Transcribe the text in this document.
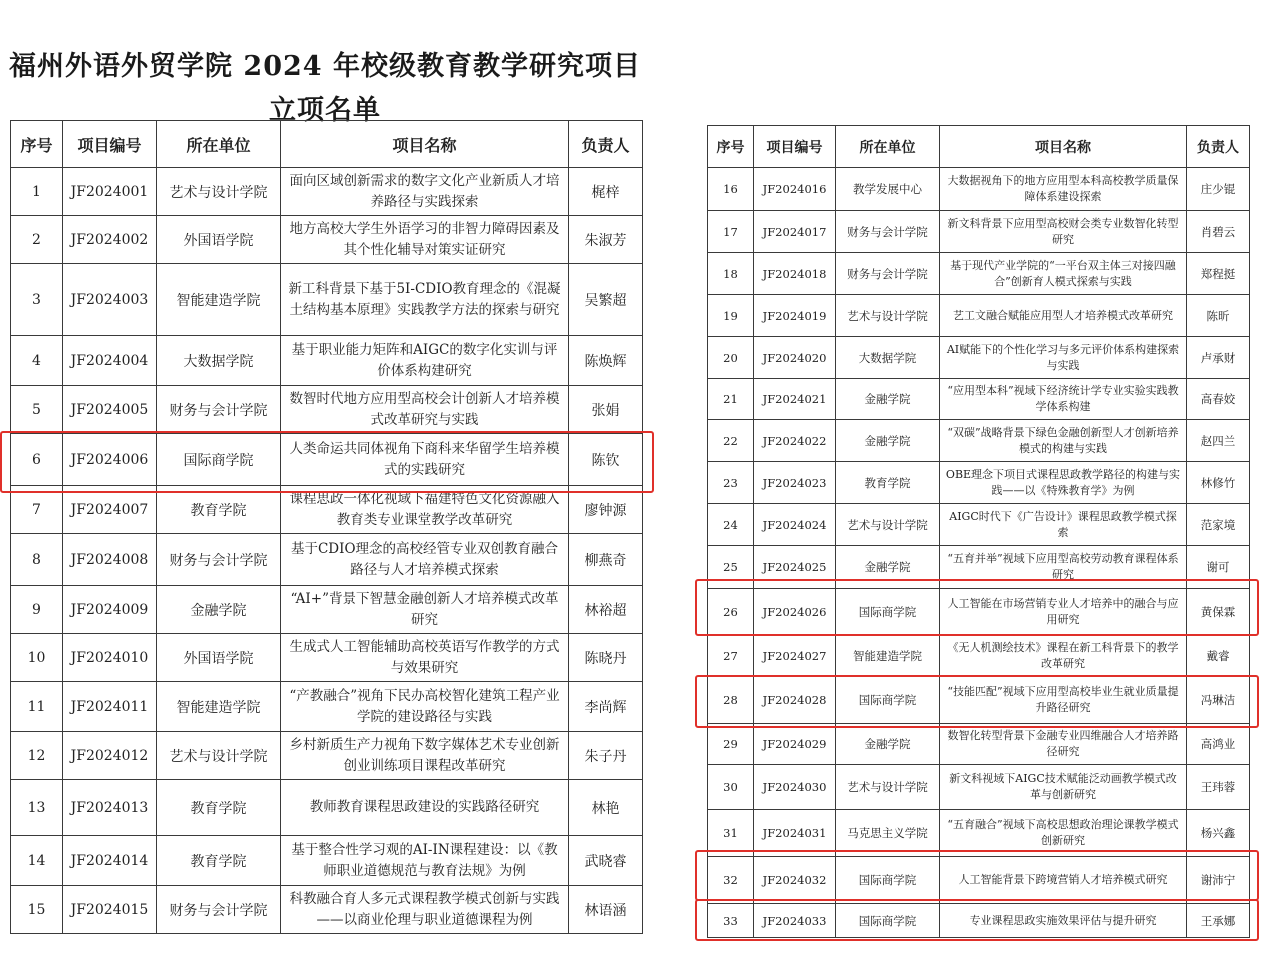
福州外语外贸学院 2024 年校级教育教学研究项目
立项名单
序号	项目编号	所在单位	项目名称	负责人
1	JF2024001	艺术与设计学院	面向区域创新需求的数字文化产业新质人才培养路径与实践探索	梶梓
2	JF2024002	外国语学院	地方高校大学生外语学习的非智力障碍因素及其个性化辅导对策实证研究	朱淑芳
3	JF2024003	智能建造学院	新工科背景下基于5I-CDIO教育理念的《混凝土结构基本原理》实践教学方法的探索与研究	吴繁超
4	JF2024004	大数据学院	基于职业能力矩阵和AIGC的数字化实训与评价体系构建研究	陈焕辉
5	JF2024005	财务与会计学院	数智时代地方应用型高校会计创新人才培养模式改革研究与实践	张娟
6	JF2024006	国际商学院	人类命运共同体视角下商科来华留学生培养模式的实践研究	陈钦
7	JF2024007	教育学院	课程思政一体化视域下福建特色文化资源融入教育类专业课堂教学改革研究	廖钟源
8	JF2024008	财务与会计学院	基于CDIO理念的高校经管专业双创教育融合路径与人才培养模式探索	柳燕奇
9	JF2024009	金融学院	“AI+”背景下智慧金融创新人才培养模式改革研究	林裕超
10	JF2024010	外国语学院	生成式人工智能辅助高校英语写作教学的方式与效果研究	陈晓丹
11	JF2024011	智能建造学院	“产教融合”视角下民办高校智化建筑工程产业学院的建设路径与实践	李尚辉
12	JF2024012	艺术与设计学院	乡村新质生产力视角下数字媒体艺术专业创新创业训练项目课程改革研究	朱子丹
13	JF2024013	教育学院	教师教育课程思政建设的实践路径研究	林艳
14	JF2024014	教育学院	基于整合性学习观的AI-IN课程建设：以《教师职业道德规范与教育法规》为例	武晓睿
15	JF2024015	财务与会计学院	科教融合育人多元式课程教学模式创新与实践——以商业伦理与职业道德课程为例	林语涵
序号	项目编号	所在单位	项目名称	负责人
16	JF2024016	教学发展中心	大数据视角下的地方应用型本科高校教学质量保障体系建设探索	庄少锟
17	JF2024017	财务与会计学院	新文科背景下应用型高校财会类专业数智化转型研究	肖碧云
18	JF2024018	财务与会计学院	基于现代产业学院的“一平台双主体三对接四融合”创新育人模式探索与实践	郑程挺
19	JF2024019	艺术与设计学院	艺工文融合赋能应用型人才培养模式改革研究	陈昕
20	JF2024020	大数据学院	AI赋能下的个性化学习与多元评价体系构建探索与实践	卢承财
21	JF2024021	金融学院	“应用型本科”视域下经济统计学专业实验实践教学体系构建	高春姣
22	JF2024022	金融学院	“双碳”战略背景下绿色金融创新型人才创新培养模式的构建与实践	赵四兰
23	JF2024023	教育学院	OBE理念下项目式课程思政教学路径的构建与实践——以《特殊教育学》为例	林修竹
24	JF2024024	艺术与设计学院	AIGC时代下《广告设计》课程思政教学模式探索	范家境
25	JF2024025	金融学院	“五育并举”视域下应用型高校劳动教育课程体系研究	谢可
26	JF2024026	国际商学院	人工智能在市场营销专业人才培养中的融合与应用研究	黄保霖
27	JF2024027	智能建造学院	《无人机测绘技术》课程在新工科背景下的教学改革研究	戴睿
28	JF2024028	国际商学院	“技能匹配”视域下应用型高校毕业生就业质量提升路径研究	冯琳洁
29	JF2024029	金融学院	数智化转型背景下金融专业四维融合人才培养路径研究	高鸿业
30	JF2024030	艺术与设计学院	新文科视域下AIGC技术赋能泛动画教学模式改革与创新研究	王玮蓉
31	JF2024031	马克思主义学院	“五育融合”视域下高校思想政治理论课教学模式创新研究	杨兴鑫
32	JF2024032	国际商学院	人工智能背景下跨境营销人才培养模式研究	谢沛宁
33	JF2024033	国际商学院	专业课程思政实施效果评估与提升研究	王承娜
